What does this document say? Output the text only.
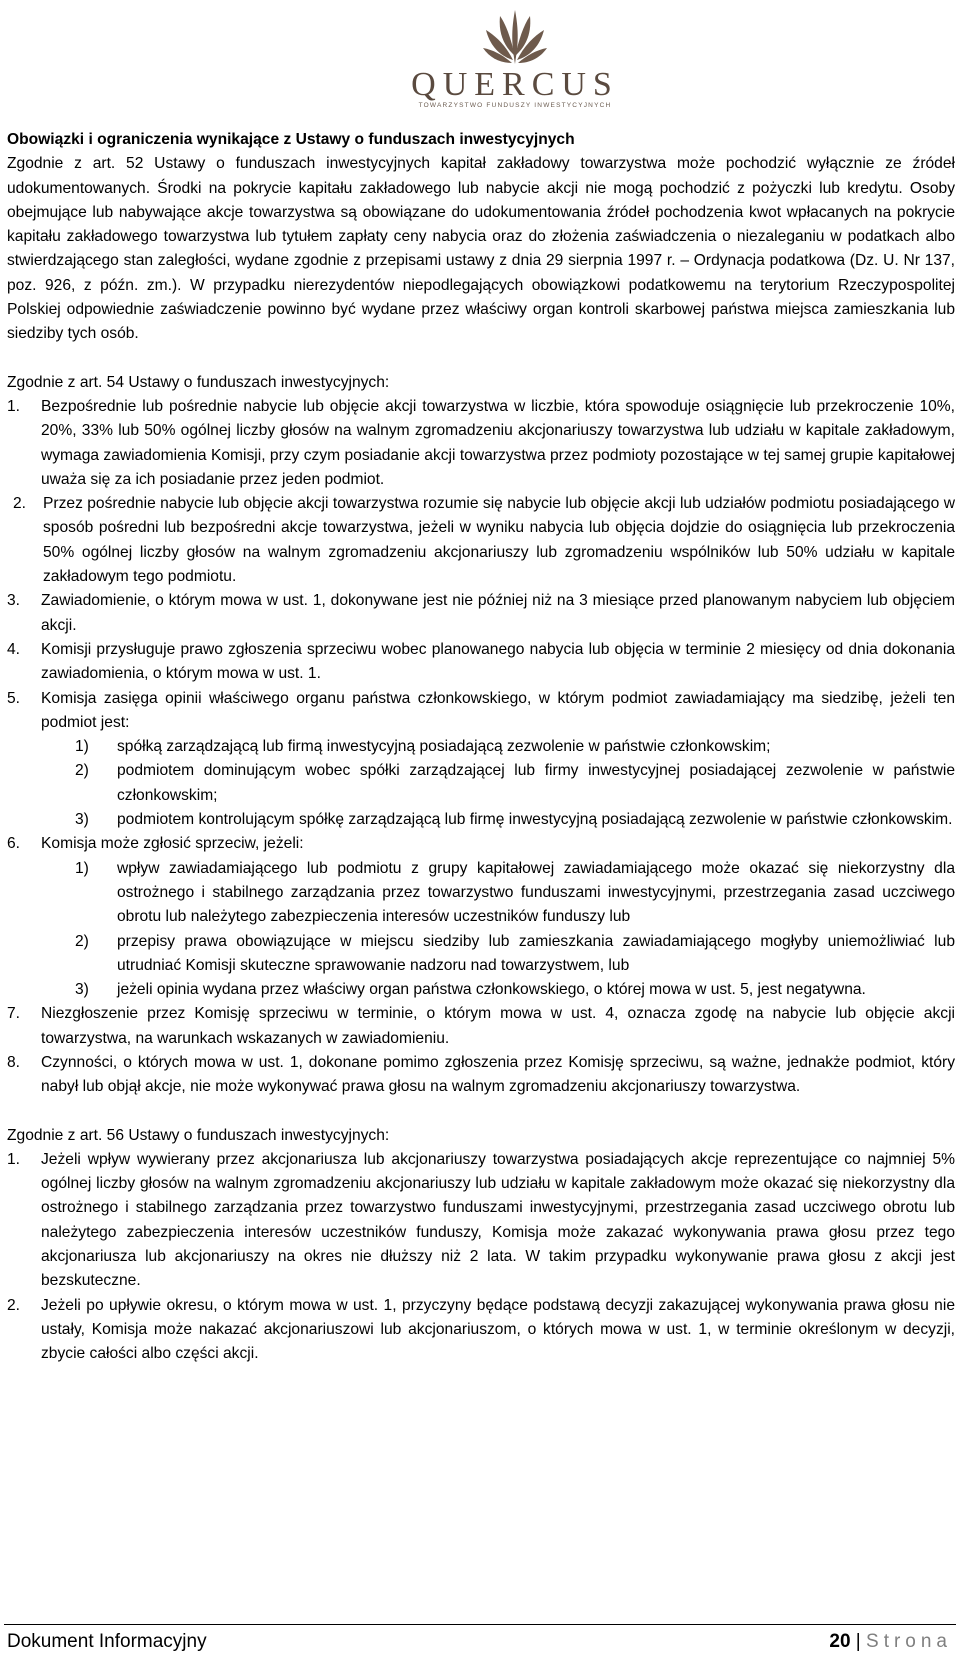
QUERCUS
TOWARZYSTWO FUNDUSZY INWESTYCYJNYCH

Obowiązki i ograniczenia wynikające z Ustawy o funduszach inwestycyjnych

Zgodnie z art. 52 Ustawy o funduszach inwestycyjnych kapitał zakładowy towarzystwa może pochodzić wyłącznie ze źródeł udokumentowanych. Środki na pokrycie kapitału zakładowego lub nabycie akcji nie mogą pochodzić z pożyczki lub kredytu. Osoby obejmujące lub nabywające akcje towarzystwa są obowiązane do udokumentowania źródeł pochodzenia kwot wpłacanych na pokrycie kapitału zakładowego towarzystwa lub tytułem zapłaty ceny nabycia oraz do złożenia zaświadczenia o niezaleganiu w podatkach albo stwierdzającego stan zaległości, wydane zgodnie z przepisami ustawy z dnia 29 sierpnia 1997 r. – Ordynacja podatkowa (Dz. U. Nr 137, poz. 926, z późn. zm.). W przypadku nierezydentów niepodlegających obowiązkowi podatkowemu na terytorium Rzeczypospolitej Polskiej odpowiednie zaświadczenie powinno być wydane przez właściwy organ kontroli skarbowej państwa miejsca zamieszkania lub siedziby tych osób.

Zgodnie z art. 54 Ustawy o funduszach inwestycyjnych:

1.	Bezpośrednie lub pośrednie nabycie lub objęcie akcji towarzystwa w liczbie, która spowoduje osiągnięcie lub przekroczenie 10%, 20%, 33% lub 50% ogólnej liczby głosów na walnym zgromadzeniu akcjonariuszy towarzystwa lub udziału w kapitale zakładowym, wymaga zawiadomienia Komisji, przy czym posiadanie akcji towarzystwa przez podmioty pozostające w tej samej grupie kapitałowej uważa się za ich posiadanie przez jeden podmiot.
2.	Przez pośrednie nabycie lub objęcie akcji towarzystwa rozumie się nabycie lub objęcie akcji lub udziałów podmiotu posiadającego w sposób pośredni lub bezpośredni akcje towarzystwa, jeżeli w wyniku nabycia lub objęcia dojdzie do osiągnięcia lub przekroczenia 50% ogólnej liczby głosów na walnym zgromadzeniu akcjonariuszy lub zgromadzeniu wspólników lub 50% udziału w kapitale zakładowym tego podmiotu.
3.	Zawiadomienie, o którym mowa w ust. 1, dokonywane jest nie później niż na 3 miesiące przed planowanym nabyciem lub objęciem akcji.
4.	Komisji przysługuje prawo zgłoszenia sprzeciwu wobec planowanego nabycia lub objęcia w terminie 2 miesięcy od dnia dokonania zawiadomienia, o którym mowa w ust. 1.
5.	Komisja zasięga opinii właściwego organu państwa członkowskiego, w którym podmiot zawiadamiający ma siedzibę, jeżeli ten podmiot jest:
1)	spółką zarządzającą lub firmą inwestycyjną posiadającą zezwolenie w państwie członkowskim;
2)	podmiotem dominującym wobec spółki zarządzającej lub firmy inwestycyjnej posiadającej zezwolenie w państwie członkowskim;
3)	podmiotem kontrolującym spółkę zarządzającą lub firmę inwestycyjną posiadającą zezwolenie w państwie członkowskim.
6.	Komisja może zgłosić sprzeciw, jeżeli:
1)	wpływ zawiadamiającego lub podmiotu z grupy kapitałowej zawiadamiającego może okazać się niekorzystny dla ostrożnego i stabilnego zarządzania przez towarzystwo funduszami inwestycyjnymi, przestrzegania zasad uczciwego obrotu lub należytego zabezpieczenia interesów uczestników funduszy lub
2)	przepisy prawa obowiązujące w miejscu siedziby lub zamieszkania zawiadamiającego mogłyby uniemożliwiać lub utrudniać Komisji skuteczne sprawowanie nadzoru nad towarzystwem, lub
3)	jeżeli opinia wydana przez właściwy organ państwa członkowskiego, o której mowa w ust. 5, jest negatywna.
7.	Niezgłoszenie przez Komisję sprzeciwu w terminie, o którym mowa w ust. 4, oznacza zgodę na nabycie lub objęcie akcji towarzystwa, na warunkach wskazanych w zawiadomieniu.
8.	Czynności, o których mowa w ust. 1, dokonane pomimo zgłoszenia przez Komisję sprzeciwu, są ważne, jednakże podmiot, który nabył lub objął akcje, nie może wykonywać prawa głosu na walnym zgromadzeniu akcjonariuszy towarzystwa.

Zgodnie z art. 56 Ustawy o funduszach inwestycyjnych:

1.	Jeżeli wpływ wywierany przez akcjonariusza lub akcjonariuszy towarzystwa posiadających akcje reprezentujące co najmniej 5% ogólnej liczby głosów na walnym zgromadzeniu akcjonariuszy lub udziału w kapitale zakładowym może okazać się niekorzystny dla ostrożnego i stabilnego zarządzania przez towarzystwo funduszami inwestycyjnymi, przestrzegania zasad uczciwego obrotu lub należytego zabezpieczenia interesów uczestników funduszy, Komisja może zakazać wykonywania prawa głosu przez tego akcjonariusza lub akcjonariuszy na okres nie dłuższy niż 2 lata. W takim przypadku wykonywanie prawa głosu z akcji jest bezskuteczne.
2.	Jeżeli po upływie okresu, o którym mowa w ust. 1, przyczyny będące podstawą decyzji zakazującej wykonywania prawa głosu nie ustały, Komisja może nakazać akcjonariuszowi lub akcjonariuszom, o których mowa w ust. 1, w terminie określonym w decyzji, zbycie całości albo części akcji.
Dokument Informacyjny	20 | Strona
